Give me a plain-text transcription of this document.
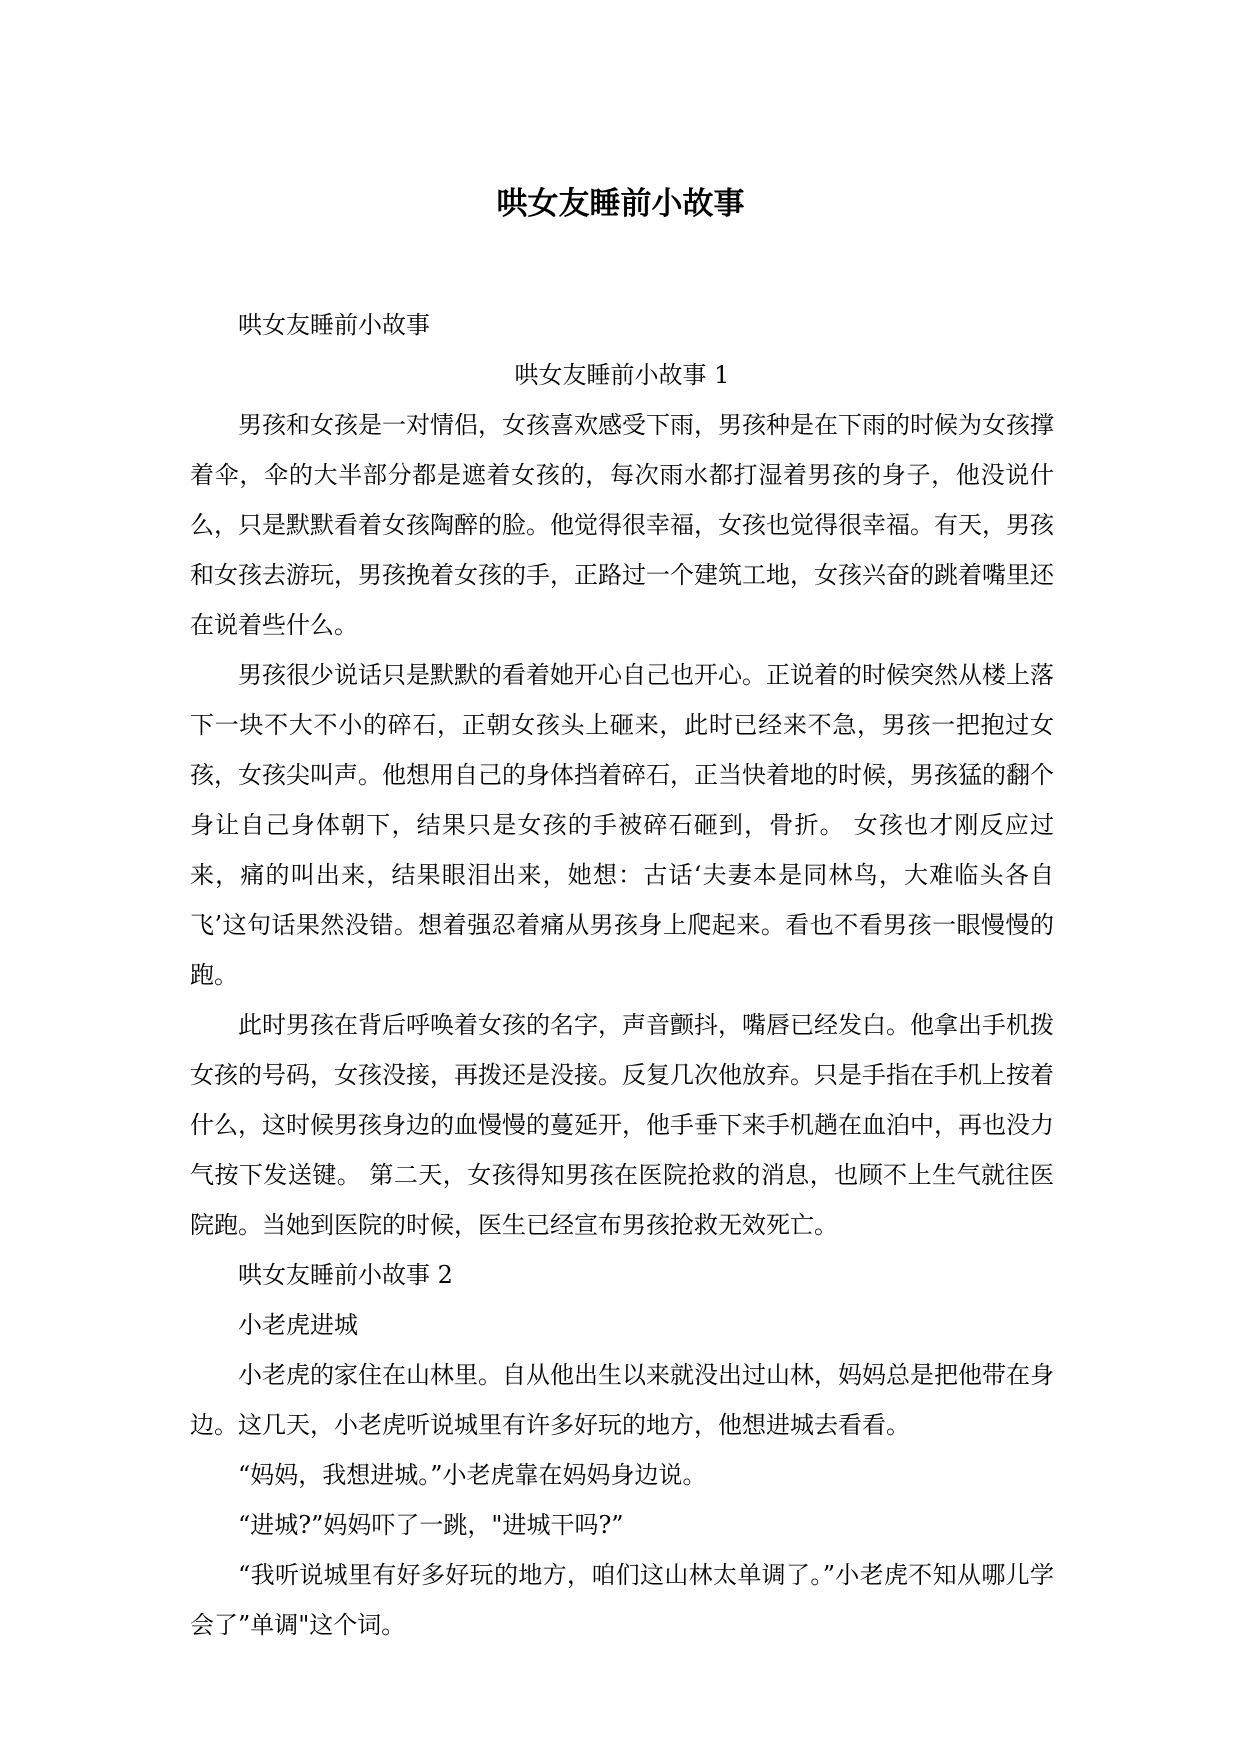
哄女友睡前小故事

哄女友睡前小故事

哄女友睡前小故事 1

男孩和女孩是一对情侣，女孩喜欢感受下雨，男孩种是在下雨的时候为女孩撑着伞，伞的大半部分都是遮着女孩的，每次雨水都打湿着男孩的身子，他没说什么，只是默默看着女孩陶醉的脸。他觉得很幸福，女孩也觉得很幸福。有天，男孩和女孩去游玩，男孩挽着女孩的手，正路过一个建筑工地，女孩兴奋的跳着嘴里还在说着些什么。

男孩很少说话只是默默的看着她开心自己也开心。正说着的时候突然从楼上落下一块不大不小的碎石，正朝女孩头上砸来，此时已经来不急，男孩一把抱过女孩，女孩尖叫声。他想用自己的身体挡着碎石，正当快着地的时候，男孩猛的翻个身让自己身体朝下，结果只是女孩的手被碎石砸到，骨折。 女孩也才刚反应过来，痛的叫出来，结果眼泪出来，她想：古话‘夫妻本是同林鸟，大难临头各自飞’这句话果然没错。想着强忍着痛从男孩身上爬起来。看也不看男孩一眼慢慢的跑。

此时男孩在背后呼唤着女孩的名字，声音颤抖，嘴唇已经发白。他拿出手机拨女孩的号码，女孩没接，再拨还是没接。反复几次他放弃。只是手指在手机上按着什么，这时候男孩身边的血慢慢的蔓延开，他手垂下来手机趟在血泊中，再也没力气按下发送键。 第二天，女孩得知男孩在医院抢救的消息，也顾不上生气就往医院跑。当她到医院的时候，医生已经宣布男孩抢救无效死亡。

哄女友睡前小故事 2

小老虎进城

小老虎的家住在山林里。自从他出生以来就没出过山林，妈妈总是把他带在身边。这几天，小老虎听说城里有许多好玩的地方，他想进城去看看。

“妈妈，我想进城。”小老虎靠在妈妈身边说。

“进城?”妈妈吓了一跳，"进城干吗?”

“我听说城里有好多好玩的地方，咱们这山林太单调了。”小老虎不知从哪儿学会了”单调"这个词。
